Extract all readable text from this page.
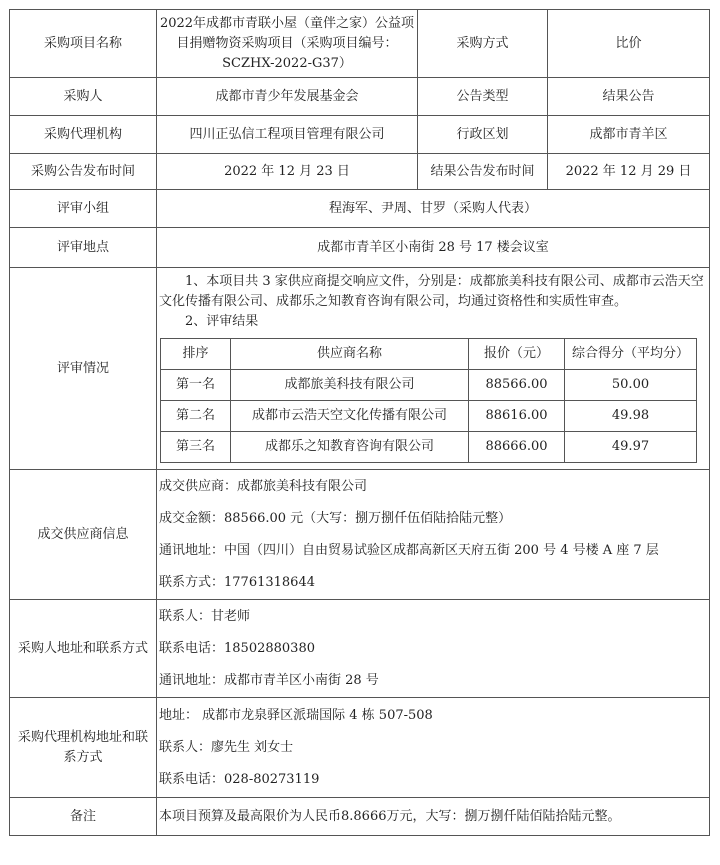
采购项目名称	2022年成都市青联小屋（童伴之家）公益项目捐赠物资采购项目（采购项目编号：SCZHX-2022-G37）	采购方式	比价
采购人	成都市青少年发展基金会	公告类型	结果公告
采购代理机构	四川正弘信工程项目管理有限公司	行政区划	成都市青羊区
采购公告发布时间	2022 年 12 月 23 日	结果公告发布时间	2022 年 12 月 29 日
评审小组	程海军、尹周、甘罗（采购人代表）
评审地点	成都市青羊区小南街 28 号 17 楼会议室
评审情况	

1、本项目共 3 家供应商提交响应文件，分别是：成都旅美科技有限公司、成都市云浩天空文化传播有限公司、成都乐之知教育咨询有限公司，均通过资格性和实质性审查。

2、评审结果

排序	供应商名称	报价（元）	综合得分（平均分）
第一名	成都旅美科技有限公司	88566.00	50.00
第二名	成都市云浩天空文化传播有限公司	88616.00	49.98
第三名	成都乐之知教育咨询有限公司	88666.00	49.97

成交供应商信息	
成交供应商：成都旅美科技有限公司
成交金额：88566.00 元（大写：捌万捌仟伍佰陆拾陆元整）
通讯地址：中国（四川）自由贸易试验区成都高新区天府五街 200 号 4 号楼 A 座 7 层
联系方式：17761318644

采购人地址和联系方式	
联系人：甘老师
联系电话：18502880380
通讯地址：成都市青羊区小南街 28 号

采购代理机构地址和联系方式	
地址： 成都市龙泉驿区派瑞国际 4 栋 507-508
联系人：廖先生 刘女士
联系电话：028-80273119

备注	本项目预算及最高限价为人民币8.8666万元，大写：捌万捌仟陆佰陆拾陆元整。
